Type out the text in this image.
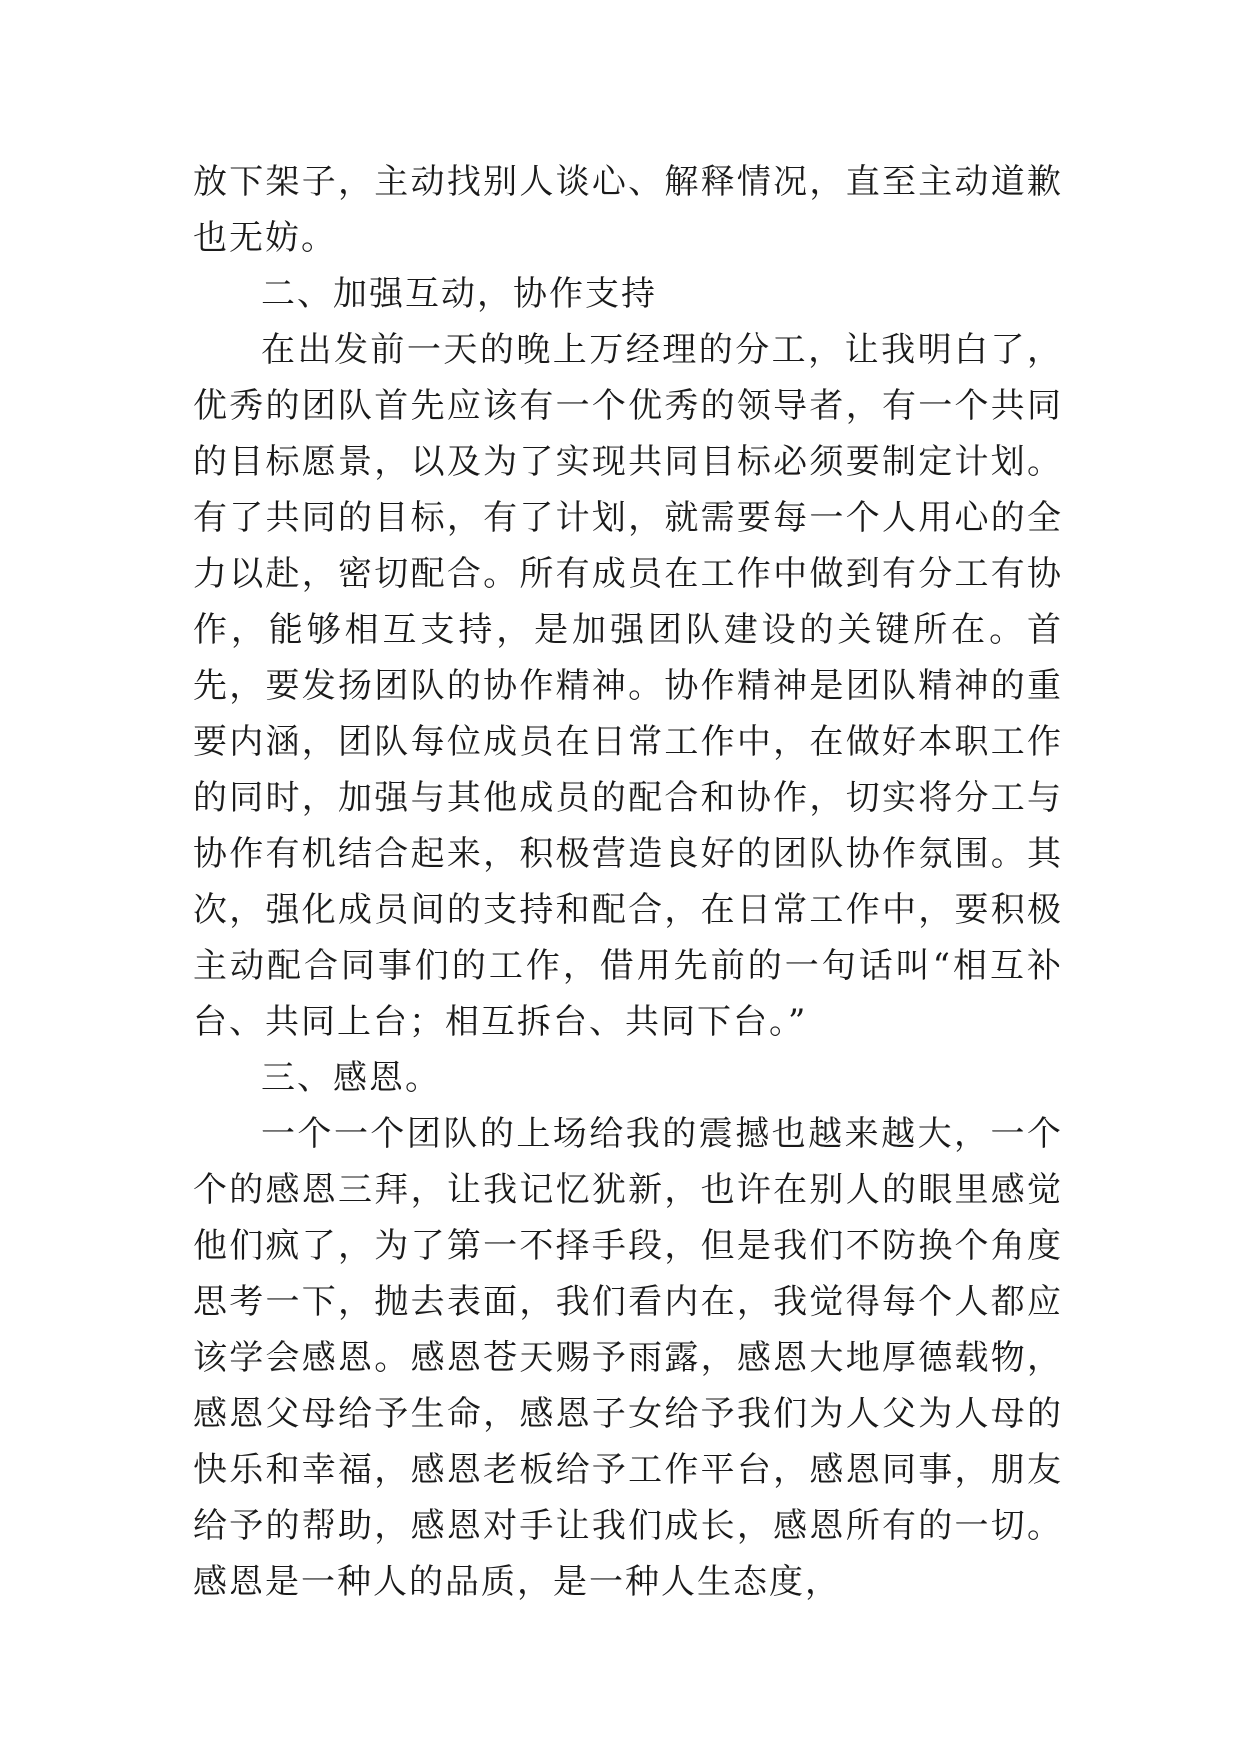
放下架子，主动找别人谈心、解释情况，直至主动道歉也无妨。

二、加强互动，协作支持

在出发前一天的晚上万经理的分工，让我明白了，优秀的团队首先应该有一个优秀的领导者，有一个共同的目标愿景，以及为了实现共同目标必须要制定计划。有了共同的目标，有了计划，就需要每一个人用心的全力以赴，密切配合。所有成员在工作中做到有分工有协作，能够相互支持，是加强团队建设的关键所在。首先，要发扬团队的协作精神。协作精神是团队精神的重要内涵，团队每位成员在日常工作中，在做好本职工作的同时，加强与其他成员的配合和协作，切实将分工与协作有机结合起来，积极营造良好的团队协作氛围。其次，强化成员间的支持和配合，在日常工作中，要积极主动配合同事们的工作，借用先前的一句话叫“相互补台、共同上台；相互拆台、共同下台。”

三、感恩。

一个一个团队的上场给我的震撼也越来越大，一个个的感恩三拜，让我记忆犹新，也许在别人的眼里感觉他们疯了，为了第一不择手段，但是我们不防换个角度思考一下，抛去表面，我们看内在，我觉得每个人都应该学会感恩。感恩苍天赐予雨露，感恩大地厚德载物，感恩父母给予生命，感恩子女给予我们为人父为人母的快乐和幸福，感恩老板给予工作平台，感恩同事，朋友给予的帮助，感恩对手让我们成长，感恩所有的一切。感恩是一种人的品质，是一种人生态度，
